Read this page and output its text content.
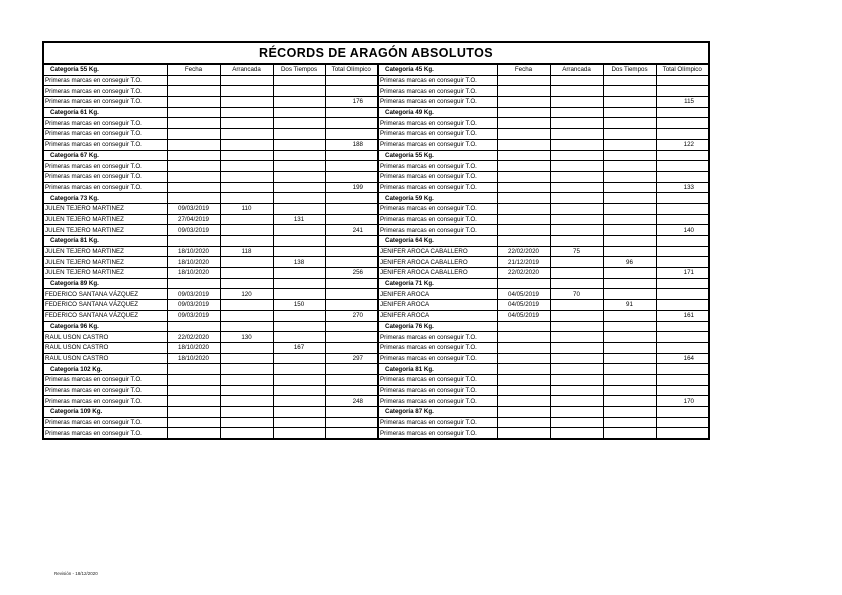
RÉCORDS DE ARAGÓN ABSOLUTOS									
Categoría 55 Kg.	Fecha	Arrancada	Dos Tiempos	Total Olímpico	Categoría 45 Kg.	Fecha	Arrancada	Dos Tiempos	Total Olímpico
Primeras marcas en conseguir T.O.					Primeras marcas en conseguir T.O.				
Primeras marcas en conseguir T.O.					Primeras marcas en conseguir T.O.				
Primeras marcas en conseguir T.O.				176	Primeras marcas en conseguir T.O.				115
Categoría 61 Kg.					Categoría 49 Kg.				
Primeras marcas en conseguir T.O.					Primeras marcas en conseguir T.O.				
Primeras marcas en conseguir T.O.					Primeras marcas en conseguir T.O.				
Primeras marcas en conseguir T.O.				188	Primeras marcas en conseguir T.O.				122
Categoría 67 Kg.					Categoría 55 Kg.				
Primeras marcas en conseguir T.O.					Primeras marcas en conseguir T.O.				
Primeras marcas en conseguir T.O.					Primeras marcas en conseguir T.O.				
Primeras marcas en conseguir T.O.				199	Primeras marcas en conseguir T.O.				133
Categoría 73 Kg.					Categoría 59 Kg.				
JULEN TEJERO MARTINEZ	09/03/2019	110			Primeras marcas en conseguir T.O.				
JULEN TEJERO MARTINEZ	27/04/2019		131		Primeras marcas en conseguir T.O.				
JULEN TEJERO MARTINEZ	09/03/2019			241	Primeras marcas en conseguir T.O.				140
Categoría 81 Kg.					Categoría 64 Kg.				
JULEN TEJERO MARTINEZ	18/10/2020	118			JENIFER AROCA CABALLERO	22/02/2020	75		
JULEN TEJERO MARTINEZ	18/10/2020		138		JENIFER AROCA CABALLERO	21/12/2019		96	
JULEN TEJERO MARTINEZ	18/10/2020			256	JENIFER AROCA CABALLERO	22/02/2020			171
Categoría 89 Kg.					Categoría 71 Kg.				
FEDERICO SANTANA VÁZQUEZ	09/03/2019	120			JENIFER AROCA	04/05/2019	70		
FEDERICO SANTANA VÁZQUEZ	09/03/2019		150		JENIFER AROCA	04/05/2019		91	
FEDERICO SANTANA VÁZQUEZ	09/03/2019			270	JENIFER AROCA	04/05/2019			161
Categoría 96 Kg.					Categoría 76 Kg.				
RAUL USON CASTRO	22/02/2020	130			Primeras marcas en conseguir T.O.				
RAUL USON CASTRO	18/10/2020		167		Primeras marcas en conseguir T.O.				
RAUL USON CASTRO	18/10/2020			297	Primeras marcas en conseguir T.O.				164
Categoría 102 Kg.					Categoría 81 Kg.				
Primeras marcas en conseguir T.O.					Primeras marcas en conseguir T.O.				
Primeras marcas en conseguir T.O.					Primeras marcas en conseguir T.O.				
Primeras marcas en conseguir T.O.				248	Primeras marcas en conseguir T.O.				170
Categoría 109 Kg.					Categoría 87 Kg.				
Primeras marcas en conseguir T.O.					Primeras marcas en conseguir T.O.				
Primeras marcas en conseguir T.O.					Primeras marcas en conseguir T.O.				
Revisión - 18/12/2020
